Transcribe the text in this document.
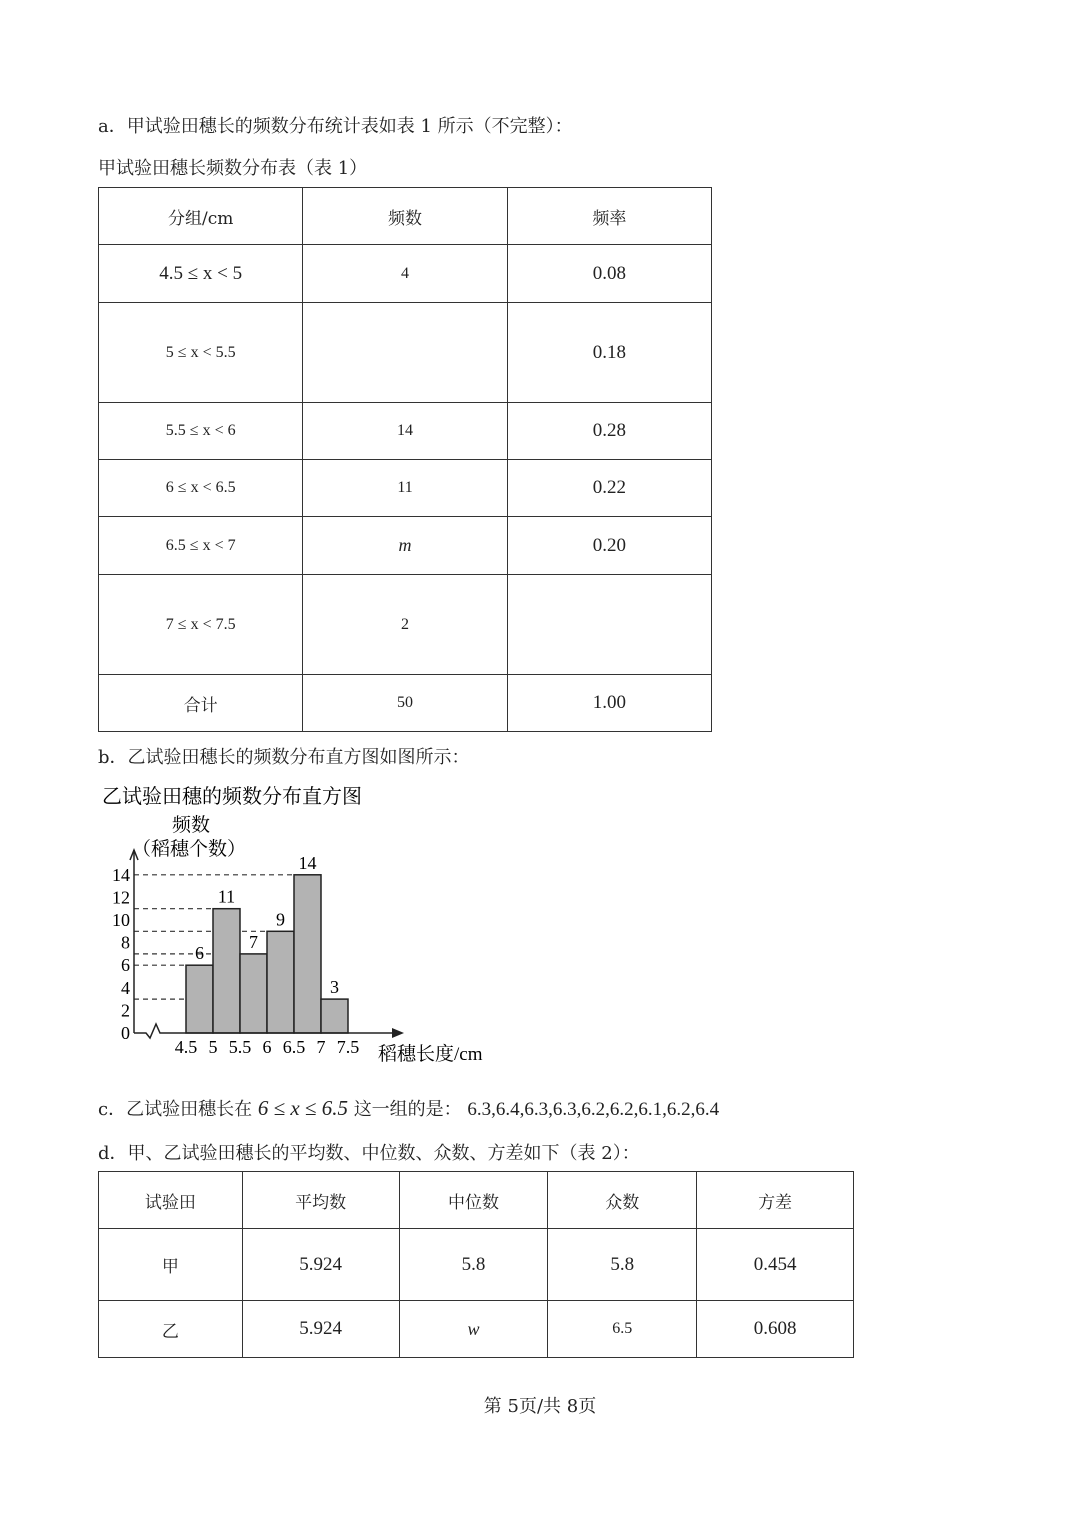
a．甲试验田穗长的频数分布统计表如表 1 所示（不完整）：
甲试验田穗长频数分布表（表 1）
分组/cm	频数	频率
4.5 ≤ x < 5	4	0.08
5 ≤ x < 5.5		0.18
5.5 ≤ x < 6	14	0.28
6 ≤ x < 6.5	11	0.22
6.5 ≤ x < 7	m	0.20
7 ≤ x < 7.5	2	
合计	50	1.00
b．乙试验田穗长的频数分布直方图如图所示：
乙试验田穗的频数分布直方图
频数
（稻穗个数）
稻穗长度/cm
0
2
4
6
8
10
12
14
4.5 5 5.5 6 6.5 7 7.5
6
11
7
9
14
3
c．乙试验田穗长在 6 ≤ x ≤ 6.5 这一组的是： 6.3,6.4,6.3,6.3,6.2,6.2,6.1,6.2,6.4
d．甲、乙试验田穗长的平均数、中位数、众数、方差如下（表 2）：
试验田	平均数	中位数	众数	方差
甲	5.924	5.8	5.8	0.454
乙	5.924	w	6.5	0.608
第 5页/共 8页
